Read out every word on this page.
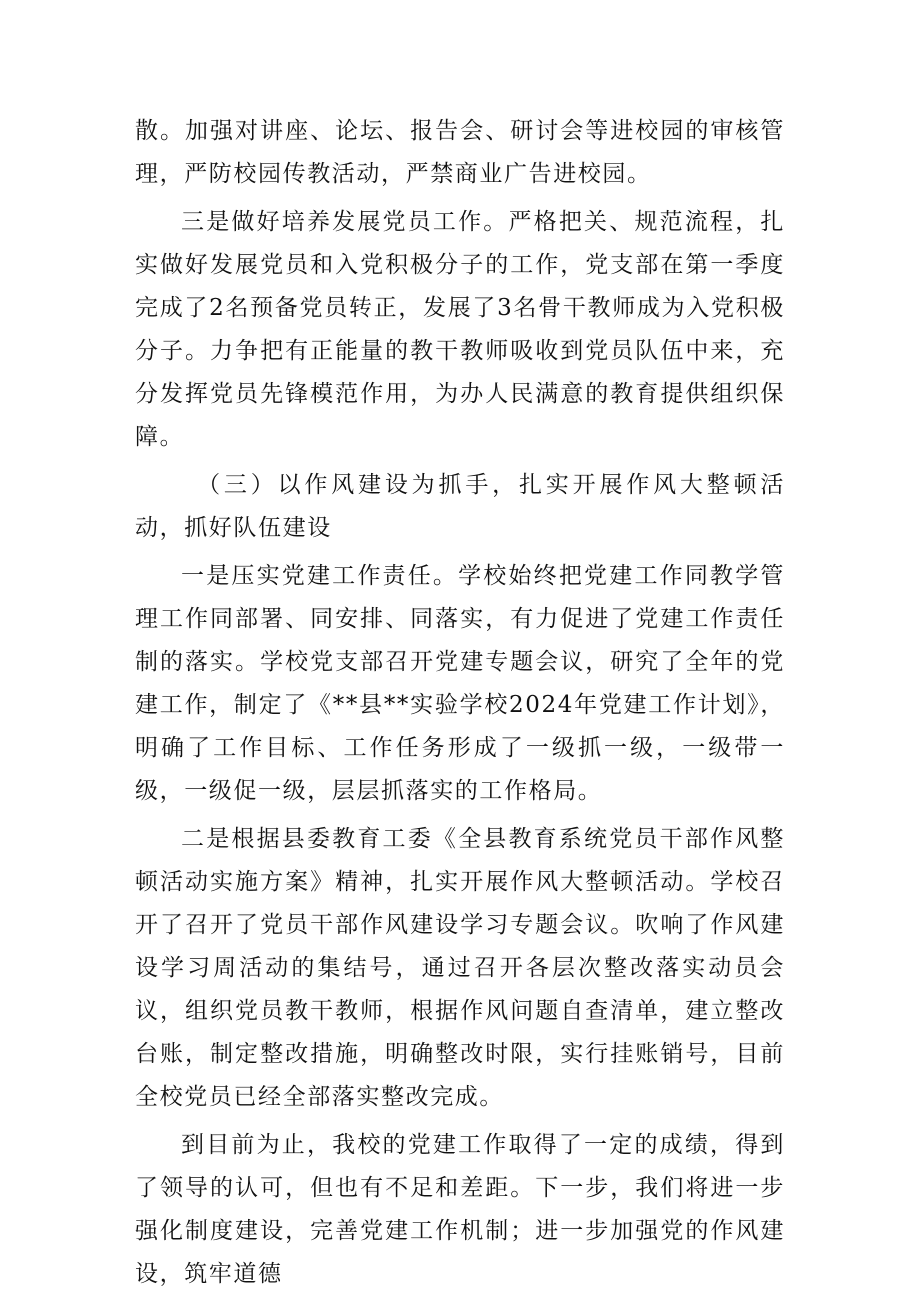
散。加强对讲座、论坛、报告会、研讨会等进校园的审核管理，严防校园传教活动，严禁商业广告进校园。

三是做好培养发展党员工作。严格把关、规范流程，扎实做好发展党员和入党积极分子的工作，党支部在第一季度完成了2名预备党员转正，发展了3名骨干教师成为入党积极分子。力争把有正能量的教干教师吸收到党员队伍中来，充分发挥党员先锋模范作用，为办人民满意的教育提供组织保障。

（三）以作风建设为抓手，扎实开展作风大整顿活动，抓好队伍建设

一是压实党建工作责任。学校始终把党建工作同教学管理工作同部署、同安排、同落实，有力促进了党建工作责任制的落实。学校党支部召开党建专题会议，研究了全年的党建工作，制定了《**县**实验学校2024年党建工作计划》，明确了工作目标、工作任务形成了一级抓一级，一级带一级，一级促一级，层层抓落实的工作格局。

二是根据县委教育工委《全县教育系统党员干部作风整顿活动实施方案》精神，扎实开展作风大整顿活动。学校召开了召开了党员干部作风建设学习专题会议。吹响了作风建设学习周活动的集结号，通过召开各层次整改落实动员会议，组织党员教干教师，根据作风问题自查清单，建立整改台账，制定整改措施，明确整改时限，实行挂账销号，目前全校党员已经全部落实整改完成。

到目前为止，我校的党建工作取得了一定的成绩，得到了领导的认可，但也有不足和差距。下一步，我们将进一步强化制度建设，完善党建工作机制；进一步加强党的作风建设，筑牢道德
